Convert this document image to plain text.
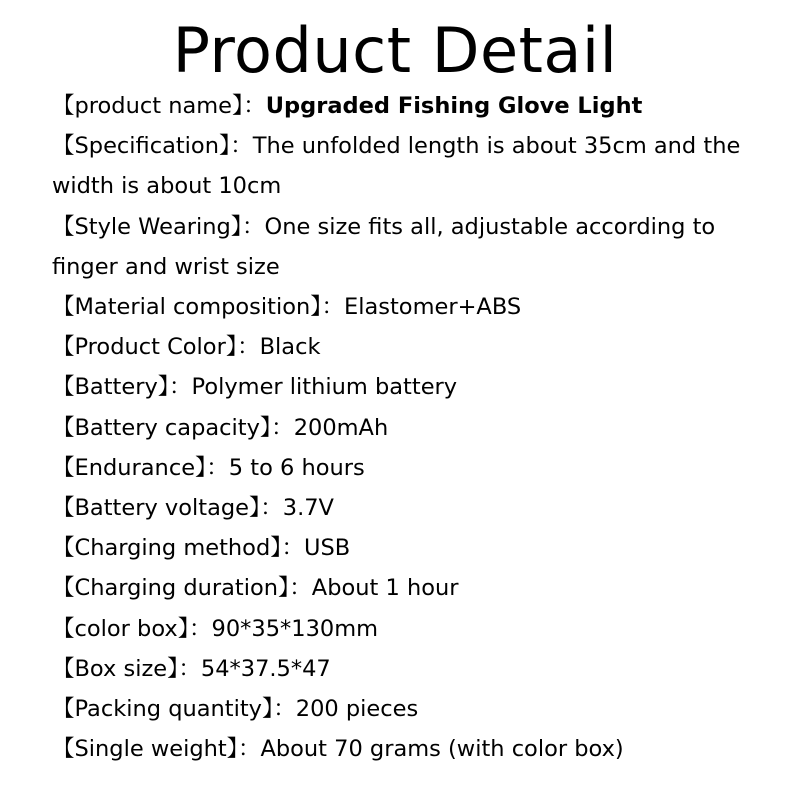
Product Detail
【product name】：Upgraded Fishing Glove Light
【Specification】：The unfolded length is about 35cm and the width is about 10cm
【Style Wearing】：One size fits all, adjustable according to finger and wrist size
【Material composition】：Elastomer+ABS
【Product Color】：Black
【Battery】：Polymer lithium battery
【Battery capacity】：200mAh
【Endurance】：5 to 6 hours
【Battery voltage】：3.7V
【Charging method】：USB
【Charging duration】：About 1 hour
【color box】：90*35*130mm
【Box size】：54*37.5*47
【Packing quantity】：200 pieces
【Single weight】：About 70 grams (with color box)
